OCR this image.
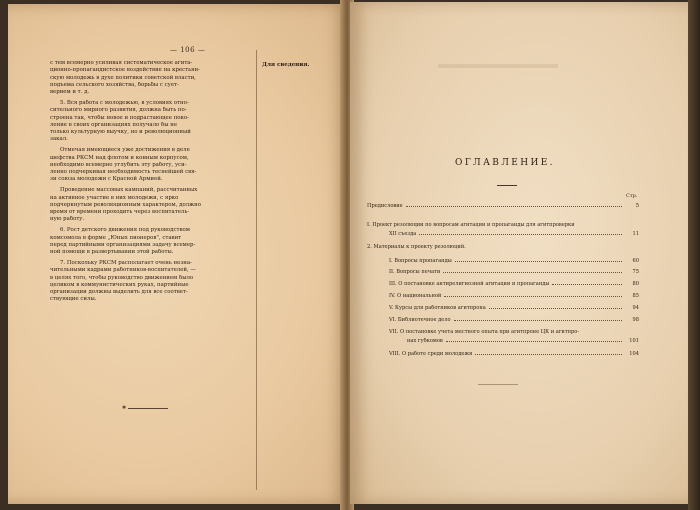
— 106 —
Для сведения.

с тем всемерно усиливая систематическое агита-

ционно-пропагандистское воздействие на крестьян-

скую молодежь в духе политики советской власти,

подъема сельского хозяйства, борьбы с сует-

верием и т. д.

5. Вся работа с молодежью, в условиях отно-

сительного мирного развития, должна быть по-

строена так, чтобы новое и подрастающее поко-

ление в своих организациях получало бы не

только культурную выучку, но и революционный

закал.

Отмечая имеющиеся уже достижения в деле

шефства РКСМ над флотом и конным корпусом,

необходимо всемерно углубить эту работу, уси-

ленно подчеркивая необходимость теснейшей свя-

зи союза молодежи с Красной Армией.

Проведение массовых кампаний, рассчитанных

на активное участие в них молодежи, с ярко

подчеркнутым революционным характером, должно

время от времени проходить через воспитатель-

ную работу.

6. Рост детского движения под руководством

комсомола в форме „Юных пионеров", ставит

перед партийными организациями задачу всемер-

ной помощи в развертывании этой работы.

7. Поскольку РКСМ располагает очень незна-

чительными кадрами работников-воспитателей, —

в целях того, чтобы руководство движением было

целиком в коммунистических руках, партийные

организации должны выделить для все соответ-

ствующие силы.

✱
ОГЛАВЛЕНИЕ.
Стр.
Предисловие	5
I. Проект резолюции по вопросам агитации и пропаганды для агитпроверки
XII съезда	11
2. Материалы к проекту резолюций.
I. Вопросы пропаганды	60
II. Вопросы печати	75
III. О постановке антирелигиозной агитации и пропаганды	80
IV. О национальной	85
V. Курсы для работников агитпрона	94
VI. Библиотечное дело	98
VII. О постановке учета местного опыта при агитпроне ЦК и агитпро-
нах губкомов	101
VIII. О работе среди молодежи	104
